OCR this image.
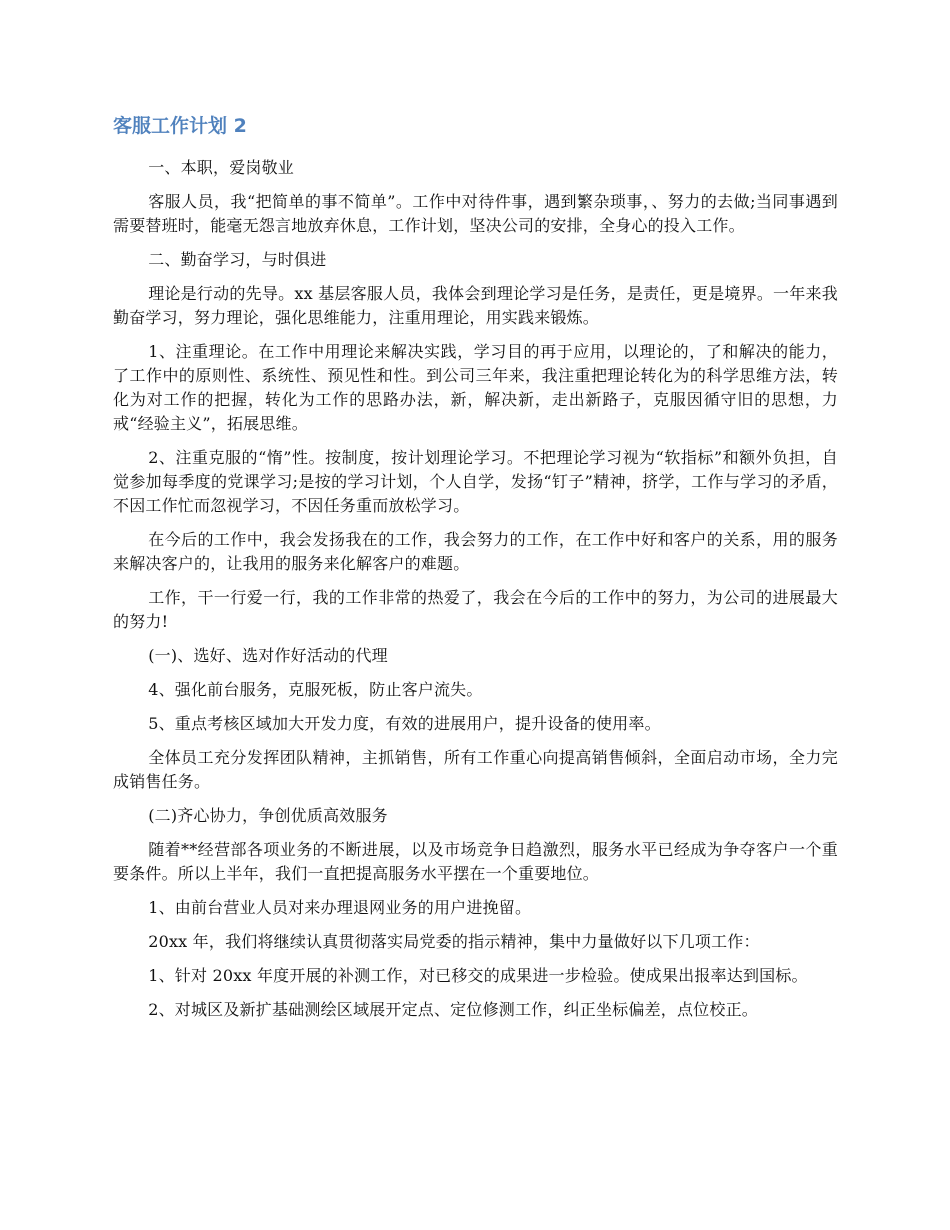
客服工作计划 2

一、本职，爱岗敬业

客服人员，我“把简单的事不简单”。工作中对待件事，遇到繁杂琐事，、努力的去做;当同事遇到需要替班时，能毫无怨言地放弃休息，工作计划，坚决公司的安排，全身心的投入工作。

二、勤奋学习，与时俱进

理论是行动的先导。xx 基层客服人员，我体会到理论学习是任务，是责任，更是境界。一年来我勤奋学习，努力理论，强化思维能力，注重用理论，用实践来锻炼。

1、注重理论。在工作中用理论来解决实践，学习目的再于应用，以理论的，了和解决的能力，了工作中的原则性、系统性、预见性和性。到公司三年来，我注重把理论转化为的科学思维方法，转化为对工作的把握，转化为工作的思路办法，新，解决新，走出新路子，克服因循守旧的思想，力戒“经验主义”，拓展思维。

2、注重克服的“惰”性。按制度，按计划理论学习。不把理论学习视为“软指标”和额外负担，自觉参加每季度的党课学习;是按的学习计划，个人自学，发扬“钉子”精神，挤学，工作与学习的矛盾，不因工作忙而忽视学习，不因任务重而放松学习。

在今后的工作中，我会发扬我在的工作，我会努力的工作，在工作中好和客户的关系，用的服务来解决客户的，让我用的服务来化解客户的难题。

工作，干一行爱一行，我的工作非常的热爱了，我会在今后的工作中的努力，为公司的进展最大的努力!

(一)、选好、选对作好活动的代理

4、强化前台服务，克服死板，防止客户流失。

5、重点考核区域加大开发力度，有效的进展用户，提升设备的使用率。

全体员工充分发挥团队精神，主抓销售，所有工作重心向提高销售倾斜，全面启动市场，全力完成销售任务。

(二)齐心协力，争创优质高效服务

随着**经营部各项业务的不断进展，以及市场竞争日趋激烈，服务水平已经成为争夺客户一个重要条件。所以上半年，我们一直把提高服务水平摆在一个重要地位。

1、由前台营业人员对来办理退网业务的用户进挽留。

20xx 年，我们将继续认真贯彻落实局党委的指示精神，集中力量做好以下几项工作：

1、针对 20xx 年度开展的补测工作，对已移交的成果进一步检验。使成果出报率达到国标。

2、对城区及新扩基础测绘区域展开定点、定位修测工作，纠正坐标偏差，点位校正。
